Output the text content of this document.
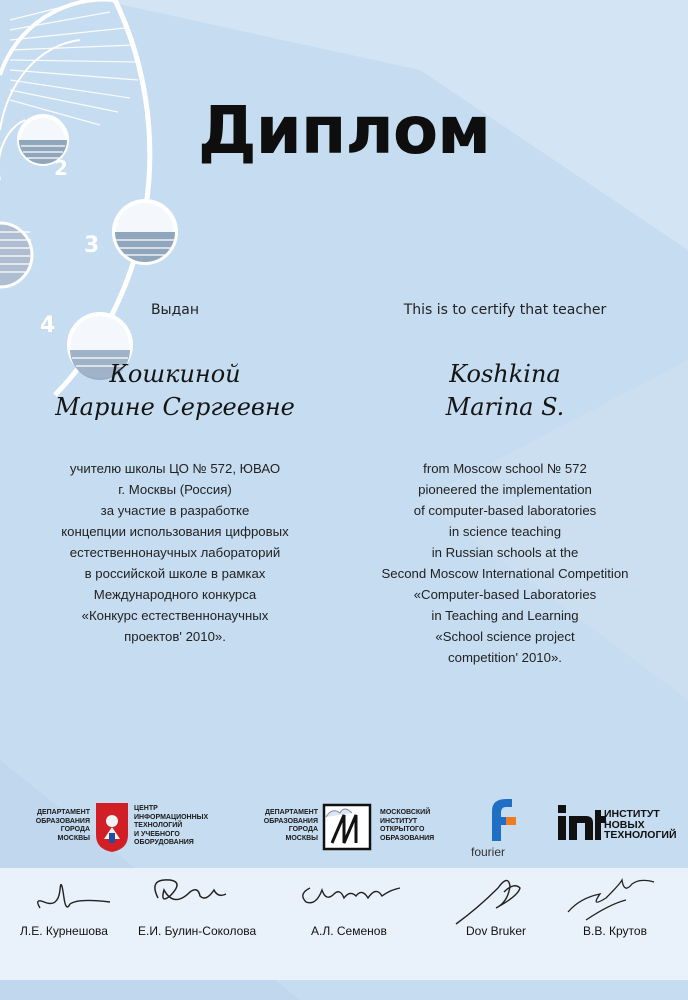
2
3
4
Диплом
Выдан
Кошкиной
Марине Сергеевне
учителю школы ЦО № 572, ЮВАО
г. Москвы (Россия)
за участие в разработке
концепции использования цифровых
естественнонаучных лабораторий
в российской школе в рамках
Международного конкурса
«Конкурс естественнонаучных
проектов' 2010».
This is to certify that teacher
Koshkina
Marina S.
from Moscow school № 572
pioneered the implementation
of computer-based laboratories
in science teaching
in Russian schools at the
Second Moscow International Competition
«Computer-based Laboratories
in Teaching and Learning
«School science project
competition' 2010».
ДЕПАРТАМЕНТ
ОБРАЗОВАНИЯ
ГОРОДА
МОСКВЫ
ЦЕНТР
ИНФОРМАЦИОННЫХ
ТЕХНОЛОГИЙ
И УЧЕБНОГО
ОБОРУДОВАНИЯ
ДЕПАРТАМЕНТ
ОБРАЗОВАНИЯ
ГОРОДА
МОСКВЫ
МОСКОВСКИЙ
ИНСТИТУТ
ОТКРЫТОГО
ОБРАЗОВАНИЯ
fourier
ИНСТИТУТ
НОВЫХ
ТЕХНОЛОГИЙ
Л.Е. Курнешова	Е.И. Булин-Соколова	А.Л. Семенов	Dov Bruker	В.В. Крутов
